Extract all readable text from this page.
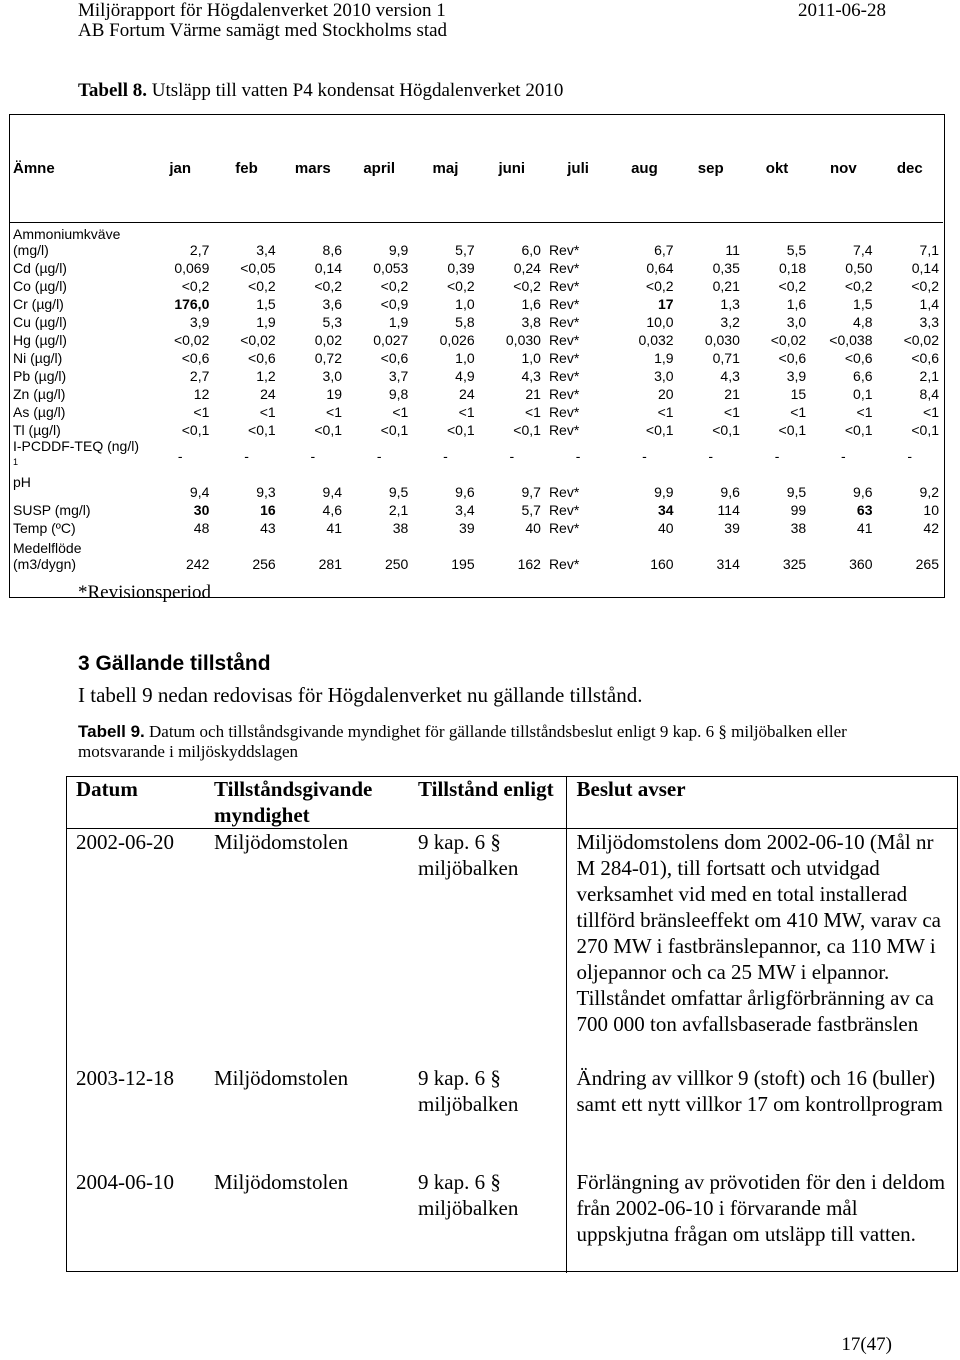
Miljörapport för Högdalenverket 2010 version 1
AB Fortum Värme samägt med Stockholms stad
2011-06-28
Tabell 8. Utsläpp till vatten P4 kondensat Högdalenverket 2010
Ämne	jan	feb	mars	april	maj	juni	juli	aug	sep	okt	nov	dec
Ammoniumkväve (mg/l)	2,7	3,4	8,6	9,9	5,7	6,0	Rev*	6,7	11	5,5	7,4	7,1
Cd (µg/l)	0,069	<0,05	0,14	0,053	0,39	0,24	Rev*	0,64	0,35	0,18	0,50	0,14
Co (µg/l)	<0,2	<0,2	<0,2	<0,2	<0,2	<0,2	Rev*	<0,2	0,21	<0,2	<0,2	<0,2
Cr (µg/l)	176,0	1,5	3,6	<0,9	1,0	1,6	Rev*	17	1,3	1,6	1,5	1,4
Cu (µg/l)	3,9	1,9	5,3	1,9	5,8	3,8	Rev*	10,0	3,2	3,0	4,8	3,3
Hg (µg/l)	<0,02	<0,02	0,02	0,027	0,026	0,030	Rev*	0,032	0,030	<0,02	<0,038	<0,02
Ni (µg/l)	<0,6	<0,6	0,72	<0,6	1,0	1,0	Rev*	1,9	0,71	<0,6	<0,6	<0,6
Pb (µg/l)	2,7	1,2	3,0	3,7	4,9	4,3	Rev*	3,0	4,3	3,9	6,6	2,1
Zn (µg/l)	12	24	19	9,8	24	21	Rev*	20	21	15	0,1	8,4
As (µg/l)	<1	<1	<1	<1	<1	<1	Rev*	<1	<1	<1	<1	<1
Tl (µg/l)	<0,1	<0,1	<0,1	<0,1	<0,1	<0,1	Rev*	<0,1	<0,1	<0,1	<0,1	<0,1
I-PCDDF-TEQ (ng/l) $^1$	-	-	-	-	-	-	-	-	-	-	-	-
pH	9,4	9,3	9,4	9,5	9,6	9,7	Rev*	9,9	9,6	9,5	9,6	9,2
SUSP (mg/l)	30	16	4,6	2,1	3,4	5,7	Rev*	34	114	99	63	10
Temp (ºC)	48	43	41	38	39	40	Rev*	40	39	38	41	42
Medelflöde (m3/dygn)	242	256	281	250	195	162	Rev*	160	314	325	360	265
*Revisionsperiod
3 Gällande tillstånd
I tabell 9 nedan redovisas för Högdalenverket nu gällande tillstånd.
Tabell 9. Datum och tillståndsgivande myndighet för gällande tillståndsbeslut enligt 9 kap. 6 § miljöbalken eller motsvarande i miljöskyddslagen
Datum	Tillståndsgivande myndighet	Tillstånd enligt	Beslut avser
2002-06-20	Miljödomstolen	9 kap. 6 § miljöbalken	Miljödomstolens dom 2002-06-10 (Mål nr M 284-01), till fortsatt och utvidgad verksamhet vid med en total installerad tillförd bränsleeffekt om 410 MW, varav ca 270 MW i fastbränslepannor, ca 110 MW i oljepannor och ca 25 MW i elpannor. Tillståndet omfattar årligförbränning av ca 700 000 ton avfallsbaserade fastbränslen
2003-12-18	Miljödomstolen	9 kap. 6 § miljöbalken	Ändring av villkor 9 (stoft) och 16 (buller) samt ett nytt villkor 17 om kontrollprogram
2004-06-10	Miljödomstolen	9 kap. 6 § miljöbalken	Förlängning av prövotiden för den i deldom från 2002-06-10 i förvarande mål uppskjutna frågan om utsläpp till vatten.
17(47)
